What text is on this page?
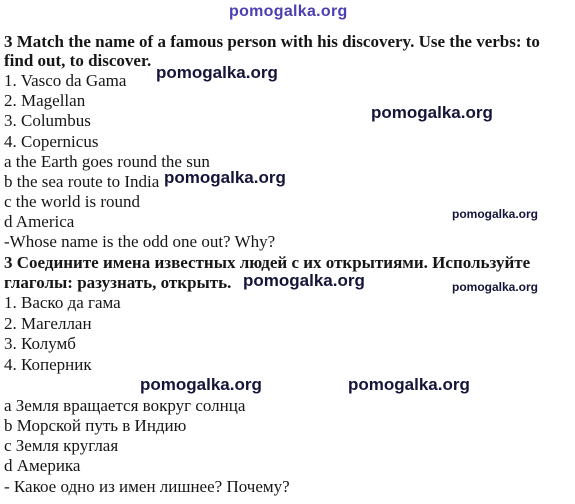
pomogalka.org
3 Match the name of a famous person with his discovery. Use the verbs: to
find out, to discover.
1. Vasco da Gama
2. Magellan
3. Columbus
4. Copernicus
a the Earth goes round the sun
b the sea route to India
c the world is round
d America
-Whose name is the odd one out? Why?
3 Соедините имена известных людей с их открытиями. Используйте
глаголы: разузнать, открыть.
1. Васко да гама
2. Магеллан
3. Колумб
4. Коперник
a Земля вращается вокруг солнца
b Морской путь в Индию
c Земля круглая
d Америка
- Какое одно из имен лишнее? Почему?
pomogalka.org
pomogalka.org
pomogalka.org
pomogalka.org
pomogalka.org	pomogalka.org
pomogalka.org	pomogalka.org
